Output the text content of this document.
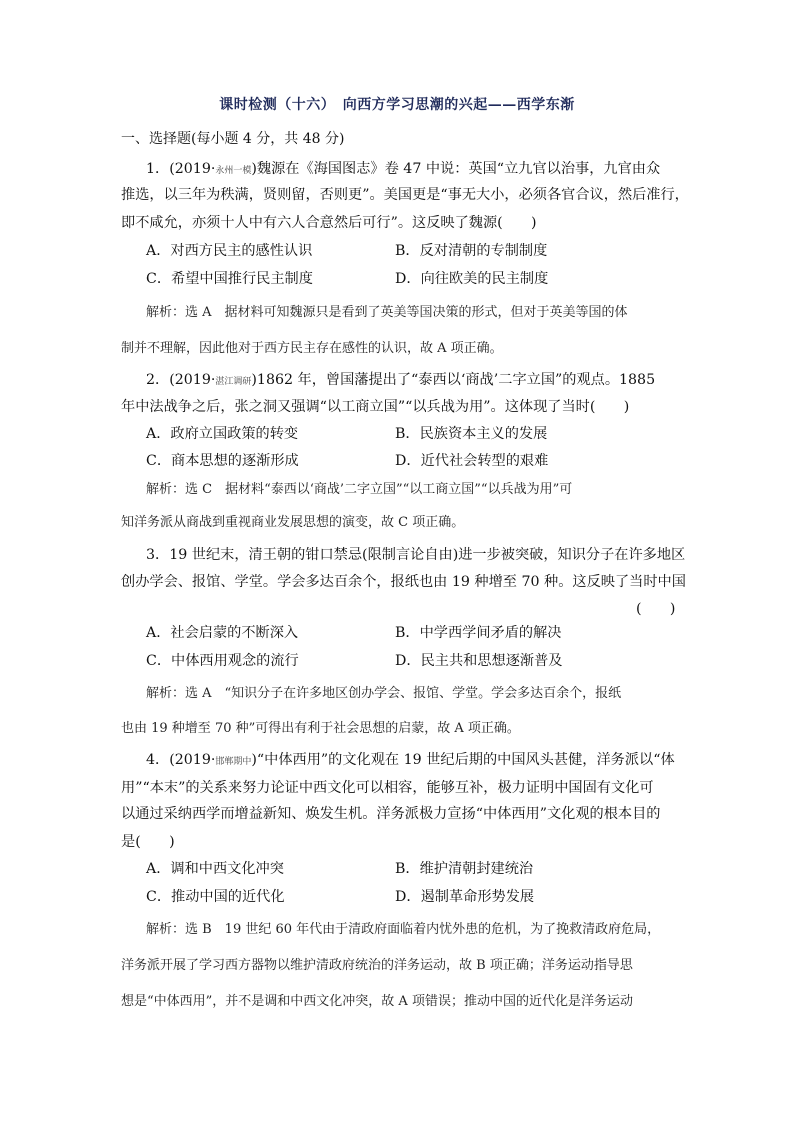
课时检测（十六）　向西方学习思潮的兴起——西学东渐
一、选择题(每小题 4 分，共 48 分)
1．(2019·永州一模)魏源在《海国图志》卷 47 中说：英国“立九官以治事，九官由众
推选，以三年为秩满，贤则留，否则更”。美国更是“事无大小，必须各官合议，然后准行，
即不咸允，亦须十人中有六人合意然后可行”。这反映了魏源(　　)
A．对西方民主的感性认识	B．反对清朝的专制制度
C．希望中国推行民主制度	D．向往欧美的民主制度
解析：选 A　据材料可知魏源只是看到了英美等国决策的形式，但对于英美等国的体
制并不理解，因此他对于西方民主存在感性的认识，故 A 项正确。
2．(2019·湛江调研)1862 年，曾国藩提出了“泰西以‘商战’二字立国”的观点。1885
年中法战争之后，张之洞又强调“以工商立国”“以兵战为用”。这体现了当时(　　)
A．政府立国政策的转变	B．民族资本主义的发展
C．商本思想的逐渐形成	D．近代社会转型的艰难
解析：选 C　据材料“泰西以‘商战’二字立国”“以工商立国”“以兵战为用”可
知洋务派从商战到重视商业发展思想的演变，故 C 项正确。
3．19 世纪末，清王朝的钳口禁忌(限制言论自由)进一步被突破，知识分子在许多地区
创办学会、报馆、学堂。学会多达百余个，报纸也由 19 种增至 70 种。这反映了当时中国
(　　)
A．社会启蒙的不断深入	B．中学西学间矛盾的解决
C．中体西用观念的流行	D．民主共和思想逐渐普及
解析：选 A　“知识分子在许多地区创办学会、报馆、学堂。学会多达百余个，报纸
也由 19 种增至 70 种”可得出有利于社会思想的启蒙，故 A 项正确。
4．(2019·邯郸期中)“中体西用”的文化观在 19 世纪后期的中国风头甚健，洋务派以“体
用”“本末”的关系来努力论证中西文化可以相容，能够互补，极力证明中国固有文化可
以通过采纳西学而增益新知、焕发生机。洋务派极力宣扬“中体西用”文化观的根本目的
是(　　)
A．调和中西文化冲突	B．维护清朝封建统治
C．推动中国的近代化	D．遏制革命形势发展
解析：选 B　19 世纪 60 年代由于清政府面临着内忧外患的危机，为了挽救清政府危局，
洋务派开展了学习西方器物以维护清政府统治的洋务运动，故 B 项正确；洋务运动指导思
想是“中体西用”，并不是调和中西文化冲突，故 A 项错误；推动中国的近代化是洋务运动
